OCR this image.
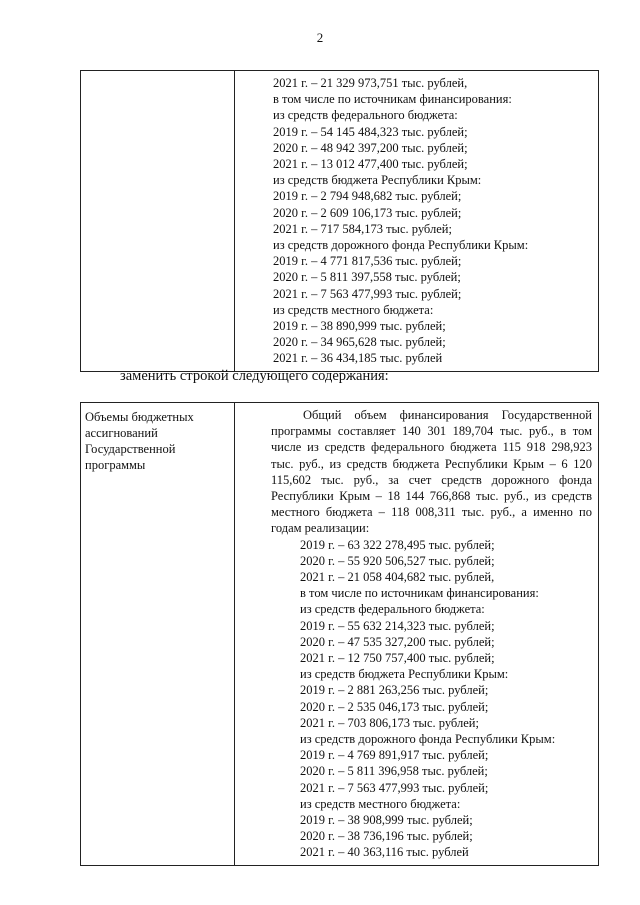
2

2021 г. – 21 329 973,751 тыс. рублей,
в том числе по источникам финансирования:
из средств федерального бюджета:
2019 г. – 54 145 484,323 тыс. рублей;
2020 г. – 48 942 397,200 тыс. рублей;
2021 г. – 13 012 477,400 тыс. рублей;
из средств бюджета Республики Крым:
2019 г. – 2 794 948,682 тыс. рублей;
2020 г. – 2 609 106,173 тыс. рублей;
2021 г. – 717 584,173 тыс. рублей;
из средств дорожного фонда Республики Крым:
2019 г. – 4 771 817,536 тыс. рублей;
2020 г. – 5 811 397,558 тыс. рублей;
2021 г. – 7 563 477,993 тыс. рублей;
из средств местного бюджета:
2019 г. – 38 890,999 тыс. рублей;
2020 г. – 34 965,628 тыс. рублей;
2021 г. – 36 434,185 тыс. рублей
заменить строкой следующего содержания:
Объемы бюджетных ассигнований Государственной программы

Общий объем финансирования Государственной программы составляет 140 301 189,704 тыс. руб., в том числе из средств федерального бюджета 115 918 298,923 тыс. руб., из средств бюджета Республики Крым – 6 120 115,602 тыс. руб., за счет средств дорожного фонда Республики Крым – 18 144 766,868 тыс. руб., из средств местного бюджета – 118 008,311 тыс. руб., а именно по годам реализации:
2019 г. – 63 322 278,495 тыс. рублей;
2020 г. – 55 920 506,527 тыс. рублей;
2021 г. – 21 058 404,682 тыс. рублей,
в том числе по источникам финансирования:
из средств федерального бюджета:
2019 г. – 55 632 214,323 тыс. рублей;
2020 г. – 47 535 327,200 тыс. рублей;
2021 г. – 12 750 757,400 тыс. рублей;
из средств бюджета Республики Крым:
2019 г. – 2 881 263,256 тыс. рублей;
2020 г. – 2 535 046,173 тыс. рублей;
2021 г. – 703 806,173 тыс. рублей;
из средств дорожного фонда Республики Крым:
2019 г. – 4 769 891,917 тыс. рублей;
2020 г. – 5 811 396,958 тыс. рублей;
2021 г. – 7 563 477,993 тыс. рублей;
из средств местного бюджета:
2019 г. – 38 908,999 тыс. рублей;
2020 г. – 38 736,196 тыс. рублей;
2021 г. – 40 363,116 тыс. рублей
